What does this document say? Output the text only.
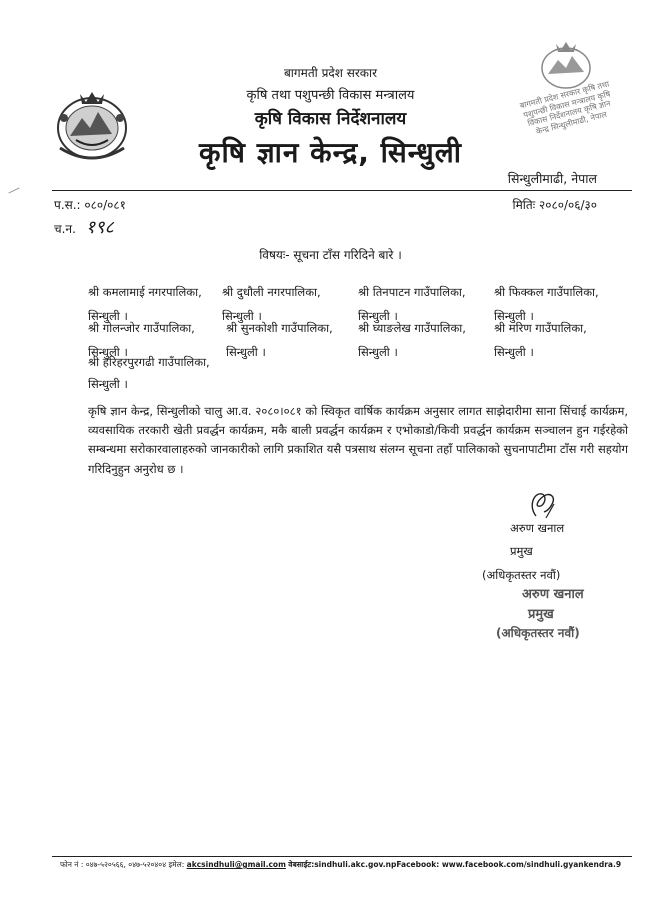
बागमती प्रदेश सरकार
कृषि तथा पशुपन्छी विकास मन्त्रालय
कृषि विकास निर्देशनालय
कृषि ज्ञान केन्द्र, सिन्धुली
बागमती प्रदेश सरकार कृषि तथा पशुपन्छी विकास मन्त्रालय कृषि विकास निर्देशनालय कृषि ज्ञान केन्द्र सिन्धुलीमाढी, नेपाल
सिन्धुलीमाढी, नेपाल
प.स.: ०८०/०८१	मितिः २०८०/०६/३०
च.न. १९८
विषयः- सूचना टाँस गरिदिने बारे ।
श्री कमलामाई नगरपालिका,
सिन्धुली ।
श्री दुधौली नगरपालिका,
सिन्धुली ।
श्री तिनपाटन गाउँपालिका,
सिन्धुली ।
श्री फिक्कल गाउँपालिका,
सिन्धुली ।
श्री गोलन्जोर गाउँपालिका,
सिन्धुली ।
श्री सुनकोशी गाउँपालिका,
सिन्धुली ।
श्री घ्याङलेख गाउँपालिका,
सिन्धुली ।
श्री मरिण गाउँपालिका,
सिन्धुली ।
श्री हरिहरपुरगढी गाउँपालिका,
सिन्धुली ।
कृषि ज्ञान केन्द्र, सिन्धुलीको चालु आ.व. २०८०।०८१ को स्विकृत वार्षिक कार्यक्रम अनुसार लागत साझेदारीमा साना सिंचाई कार्यक्रम, व्यवसायिक तरकारी खेती प्रवर्द्धन कार्यक्रम, मकै बाली प्रवर्द्धन कार्यक्रम र एभोकाडो/किवी प्रवर्द्धन कार्यक्रम सञ्चालन हुन गईरहेको सम्बन्धमा सरोकारवालाहरुको जानकारीको लागि प्रकाशित यसै पत्रसाथ संलग्न सूचना तहाँ पालिकाको सुचनापाटीमा टाँस गरी सहयोग गरिदिनुहुन अनुरोध छ ।
अरुण खनाल
प्रमुख
(अधिकृतस्तर नवौं)
अरुण खनाल
प्रमुख
(अधिकृतस्तर नवौं)
फोन नं : ०४७-५२०५६६, ०४७-५२०४०४ इमेल: akcsindhuli@gmail.com वेबसाईट:sindhuli.akc.gov.npFacebook: www.facebook.com/sindhuli.gyankendra.9
